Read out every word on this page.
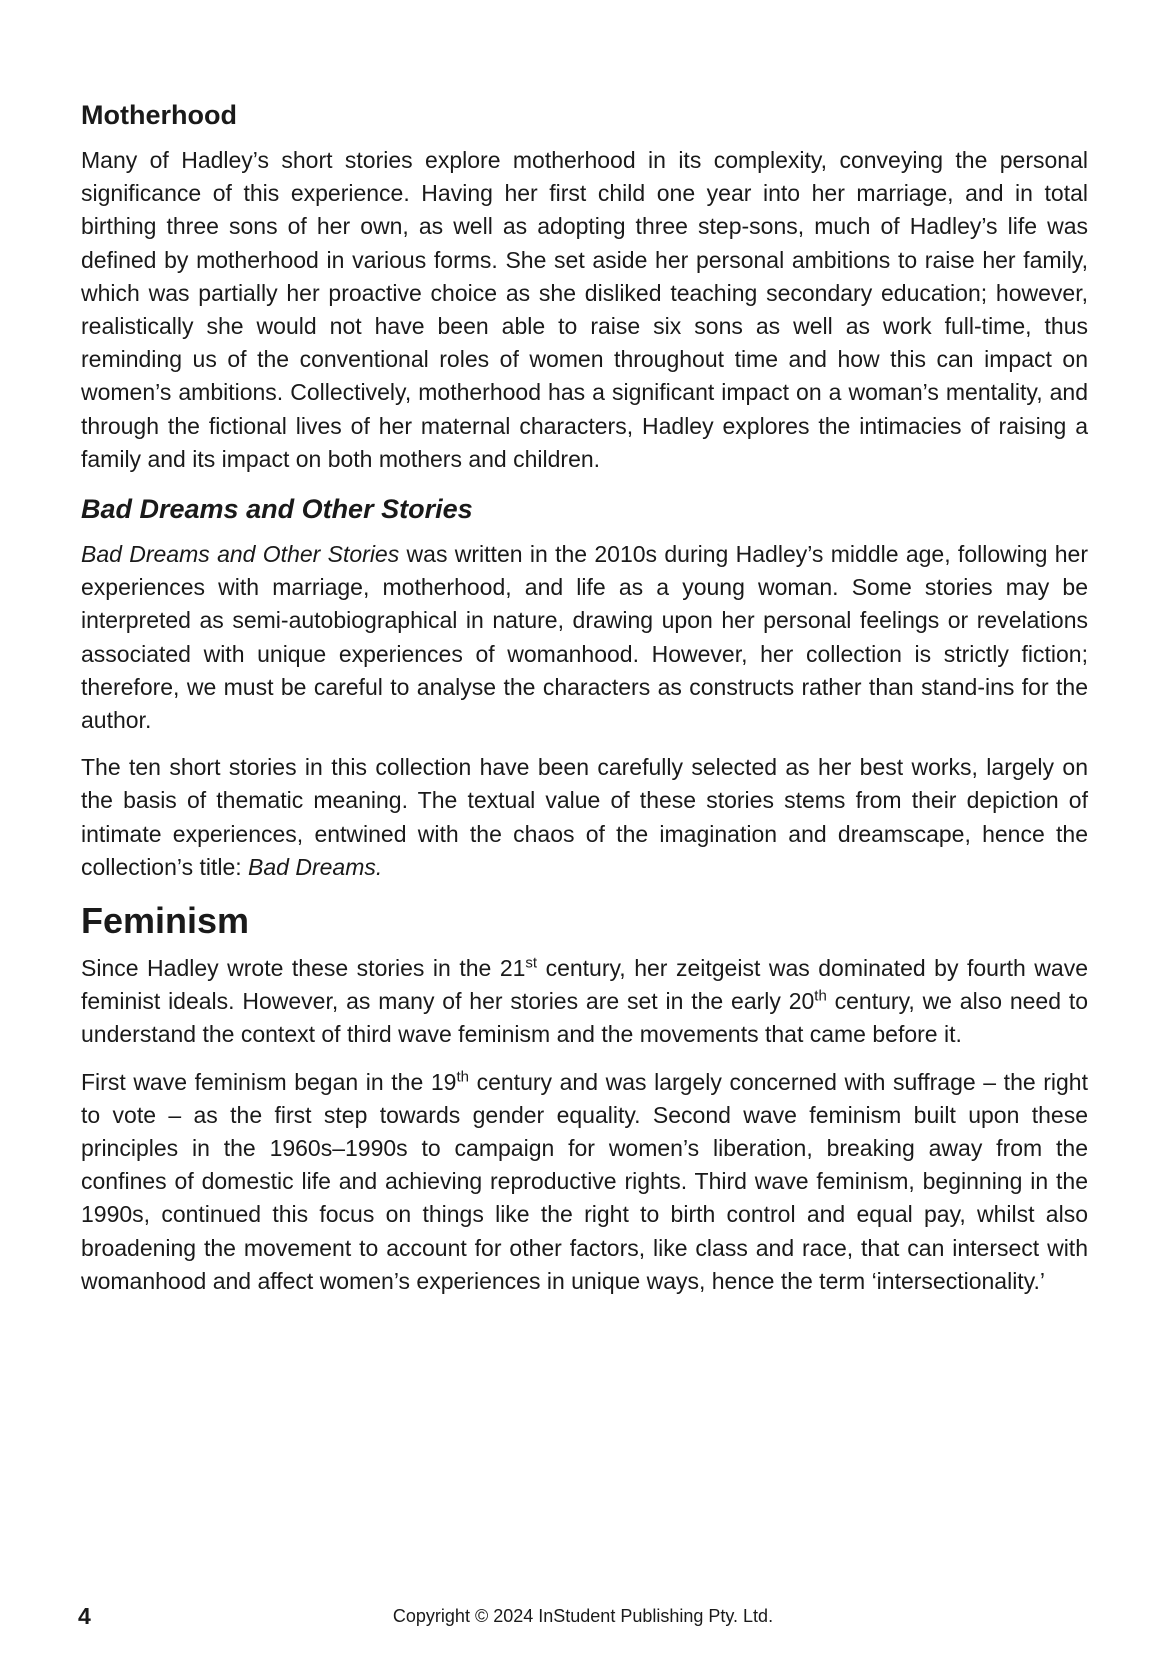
Motherhood

Many of Hadley’s short stories explore motherhood in its complexity, conveying the personal significance of this experience. Having her first child one year into her marriage, and in total birthing three sons of her own, as well as adopting three step-sons, much of Hadley’s life was defined by motherhood in various forms. She set aside her personal ambitions to raise her family, which was partially her proactive choice as she disliked teaching secondary education; however, realistically she would not have been able to raise six sons as well as work full-time, thus reminding us of the conventional roles of women throughout time and how this can impact on women’s ambitions. Collectively, motherhood has a significant impact on a woman’s mentality, and through the fictional lives of her maternal characters, Hadley explores the intimacies of raising a family and its impact on both mothers and children.

Bad Dreams and Other Stories

Bad Dreams and Other Stories was written in the 2010s during Hadley’s middle age, following her experiences with marriage, motherhood, and life as a young woman. Some stories may be interpreted as semi-autobiographical in nature, drawing upon her personal feelings or revelations associated with unique experiences of womanhood. However, her collection is strictly fiction; therefore, we must be careful to analyse the characters as constructs rather than stand-ins for the author.

The ten short stories in this collection have been carefully selected as her best works, largely on the basis of thematic meaning. The textual value of these stories stems from their depiction of intimate experiences, entwined with the chaos of the imagination and dreamscape, hence the collection’s title: Bad Dreams.

Feminism

Since Hadley wrote these stories in the 21st century, her zeitgeist was dominated by fourth wave feminist ideals. However, as many of her stories are set in the early 20th century, we also need to understand the context of third wave feminism and the movements that came before it.

First wave feminism began in the 19th century and was largely concerned with suffrage – the right to vote – as the first step towards gender equality. Second wave feminism built upon these principles in the 1960s–1990s to campaign for women’s liberation, breaking away from the confines of domestic life and achieving reproductive rights. Third wave feminism, beginning in the 1990s, continued this focus on things like the right to birth control and equal pay, whilst also broadening the movement to account for other factors, like class and race, that can intersect with womanhood and affect women’s experiences in unique ways, hence the term ‘intersectionality.’

4	Copyright © 2024 InStudent Publishing Pty. Ltd.
